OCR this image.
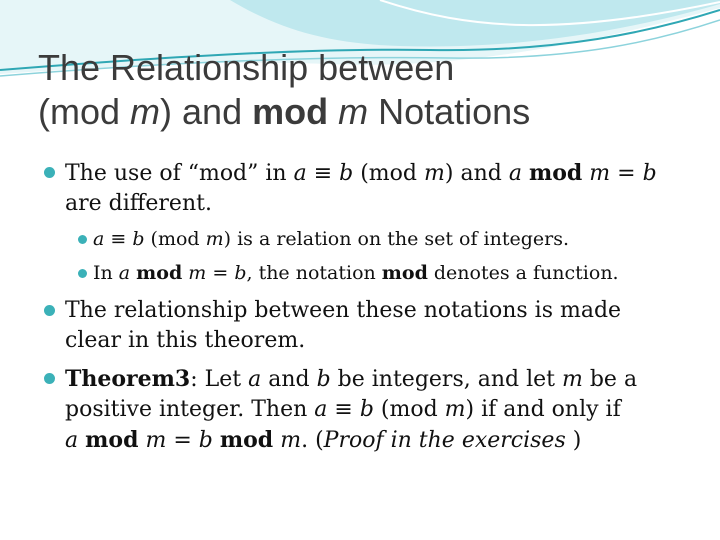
The Relationship between
(mod m) and mod m Notations
The use of “mod” in a ≡ b (mod m) and a mod m = b
are different.
a ≡ b (mod m) is a relation on the set of integers.
In a mod m = b, the notation mod denotes a function.
The relationship between these notations is made
clear in this theorem.
Theorem3: Let a and b be integers, and let m be a
positive integer. Then a ≡ b (mod m) if and only if
a mod m = b mod m. (Proof in the exercises )
